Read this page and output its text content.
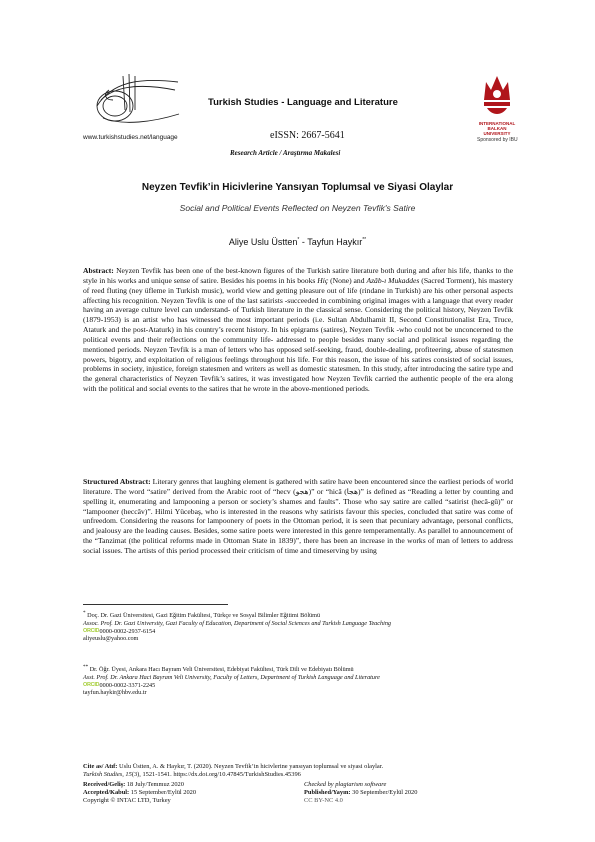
www.turkishstudies.net/language
Turkish Studies - Language and Literature
eISSN: 2667-5641
Research Article / Araştırma Makalesi
INTERNATIONAL
BALKAN
UNIVERSITY
Sponsored by IBU
Neyzen Tevfik’in Hicivlerine Yansıyan Toplumsal ve Siyasi Olaylar
Social and Political Events Reflected on Neyzen Tevfik's Satire
Aliye Uslu Üstten* - Tayfun Haykır**
Abstract: Neyzen Tevfik has been one of the best-known figures of the Turkish satire literature both during and after his life, thanks to the style in his works and unique sense of satire. Besides his poems in his books Hiç (None) and Azâb-ı Mukaddes (Sacred Torment), his mastery of reed fluting (ney üfleme in Turkish music), world view and getting pleasure out of life (rindane in Turkish) are his other personal aspects affecting his recognition. Neyzen Tevfik is one of the last satirists -succeeded in combining original images with a language that every reader having an average culture level can understand- of Turkish literature in the classical sense. Considering the political history, Neyzen Tevfik (1879-1953) is an artist who has witnessed the most important periods (i.e. Sultan Abdulhamit II, Second Constitutionalist Era, Truce, Ataturk and the post-Ataturk) in his country’s recent history. In his epigrams (satires), Neyzen Tevfik -who could not be unconcerned to the political events and their reflections on the community life- addressed to people besides many social and political issues regarding the mentioned periods. Neyzen Tevfik is a man of letters who has opposed self-seeking, fraud, double-dealing, profiteering, abuse of statesmen powers, bigotry, and exploitation of religious feelings throughout his life. For this reason, the issue of his satires consisted of social issues, problems in society, injustice, foreign statesmen and writers as well as domestic statesmen. In this study, after introducing the satire type and the general characteristics of Neyzen Tevfik’s satires, it was investigated how Neyzen Tevfik carried the authentic people of the era along with the political and social events to the satires that he wrote in the above-mentioned periods.
Structured Abstract: Literary genres that laughing element is gathered with satire have been encountered since the earliest periods of world literature. The word “satire” derived from the Arabic root of “hecv (هجو)” or “hicâ (هجا)” is defined as “Reading a letter by counting and spelling it, enumerating and lampooning a person or society’s shames and faults”. Those who say satire are called “satirist (hecâ-gû)” or “lampooner (heccâv)”. Hilmi Yücebaş, who is interested in the reasons why satirists favour this species, concluded that satire was come of unfreedom. Considering the reasons for lampoonery of poets in the Ottoman period, it is seen that pecuniary advantage, personal conflicts, and jealousy are the leading causes. Besides, some satire poets were interested in this genre temperamentally. As parallel to announcement of the “Tanzimat (the political reforms made in Ottoman State in 1839)”, there has been an increase in the works of man of letters to address social issues. The artists of this period processed their criticism of time and timeserving by using
* Doç. Dr. Gazi Üniversitesi, Gazi Eğitim Fakültesi, Türkçe ve Sosyal Bilimler Eğitimi Bölümü
Assoc. Prof. Dr. Gazi University, Gazi Faculty of Education, Department of Social Sciences and Turkish Language Teaching
ORCID 0000-0002-2937-6154
aliyeuslu@yahoo.com
** Dr. Öğr. Üyesi, Ankara Hacı Bayram Veli Üniversitesi, Edebiyat Fakültesi, Türk Dili ve Edebiyatı Bölümü
Asst. Prof. Dr. Ankara Haci Bayram Veli University, Faculty of Letters, Department of Turkish Language and Literature
ORCID 0000-0002-3371-2245
tayfun.haykir@hbv.edu.tr
Cite as/ Atıf: Uslu Üstten, A. & Haykır, T. (2020). Neyzen Tevfik’in hicivlerine yansıyan toplumsal ve siyasi olaylar.
Turkish Studies, 15(3), 1521-1541. https://dx.doi.org/10.47845/TurkishStudies.45396
Received/Geliş: 18 July/Temmuz 2020	Checked by plagiarism software
Accepted/Kabul: 15 September/Eylül 2020	Published/Yayın: 30 September/Eylül 2020
Copyright © INTAC LTD, Turkey	CC BY-NC 4.0
